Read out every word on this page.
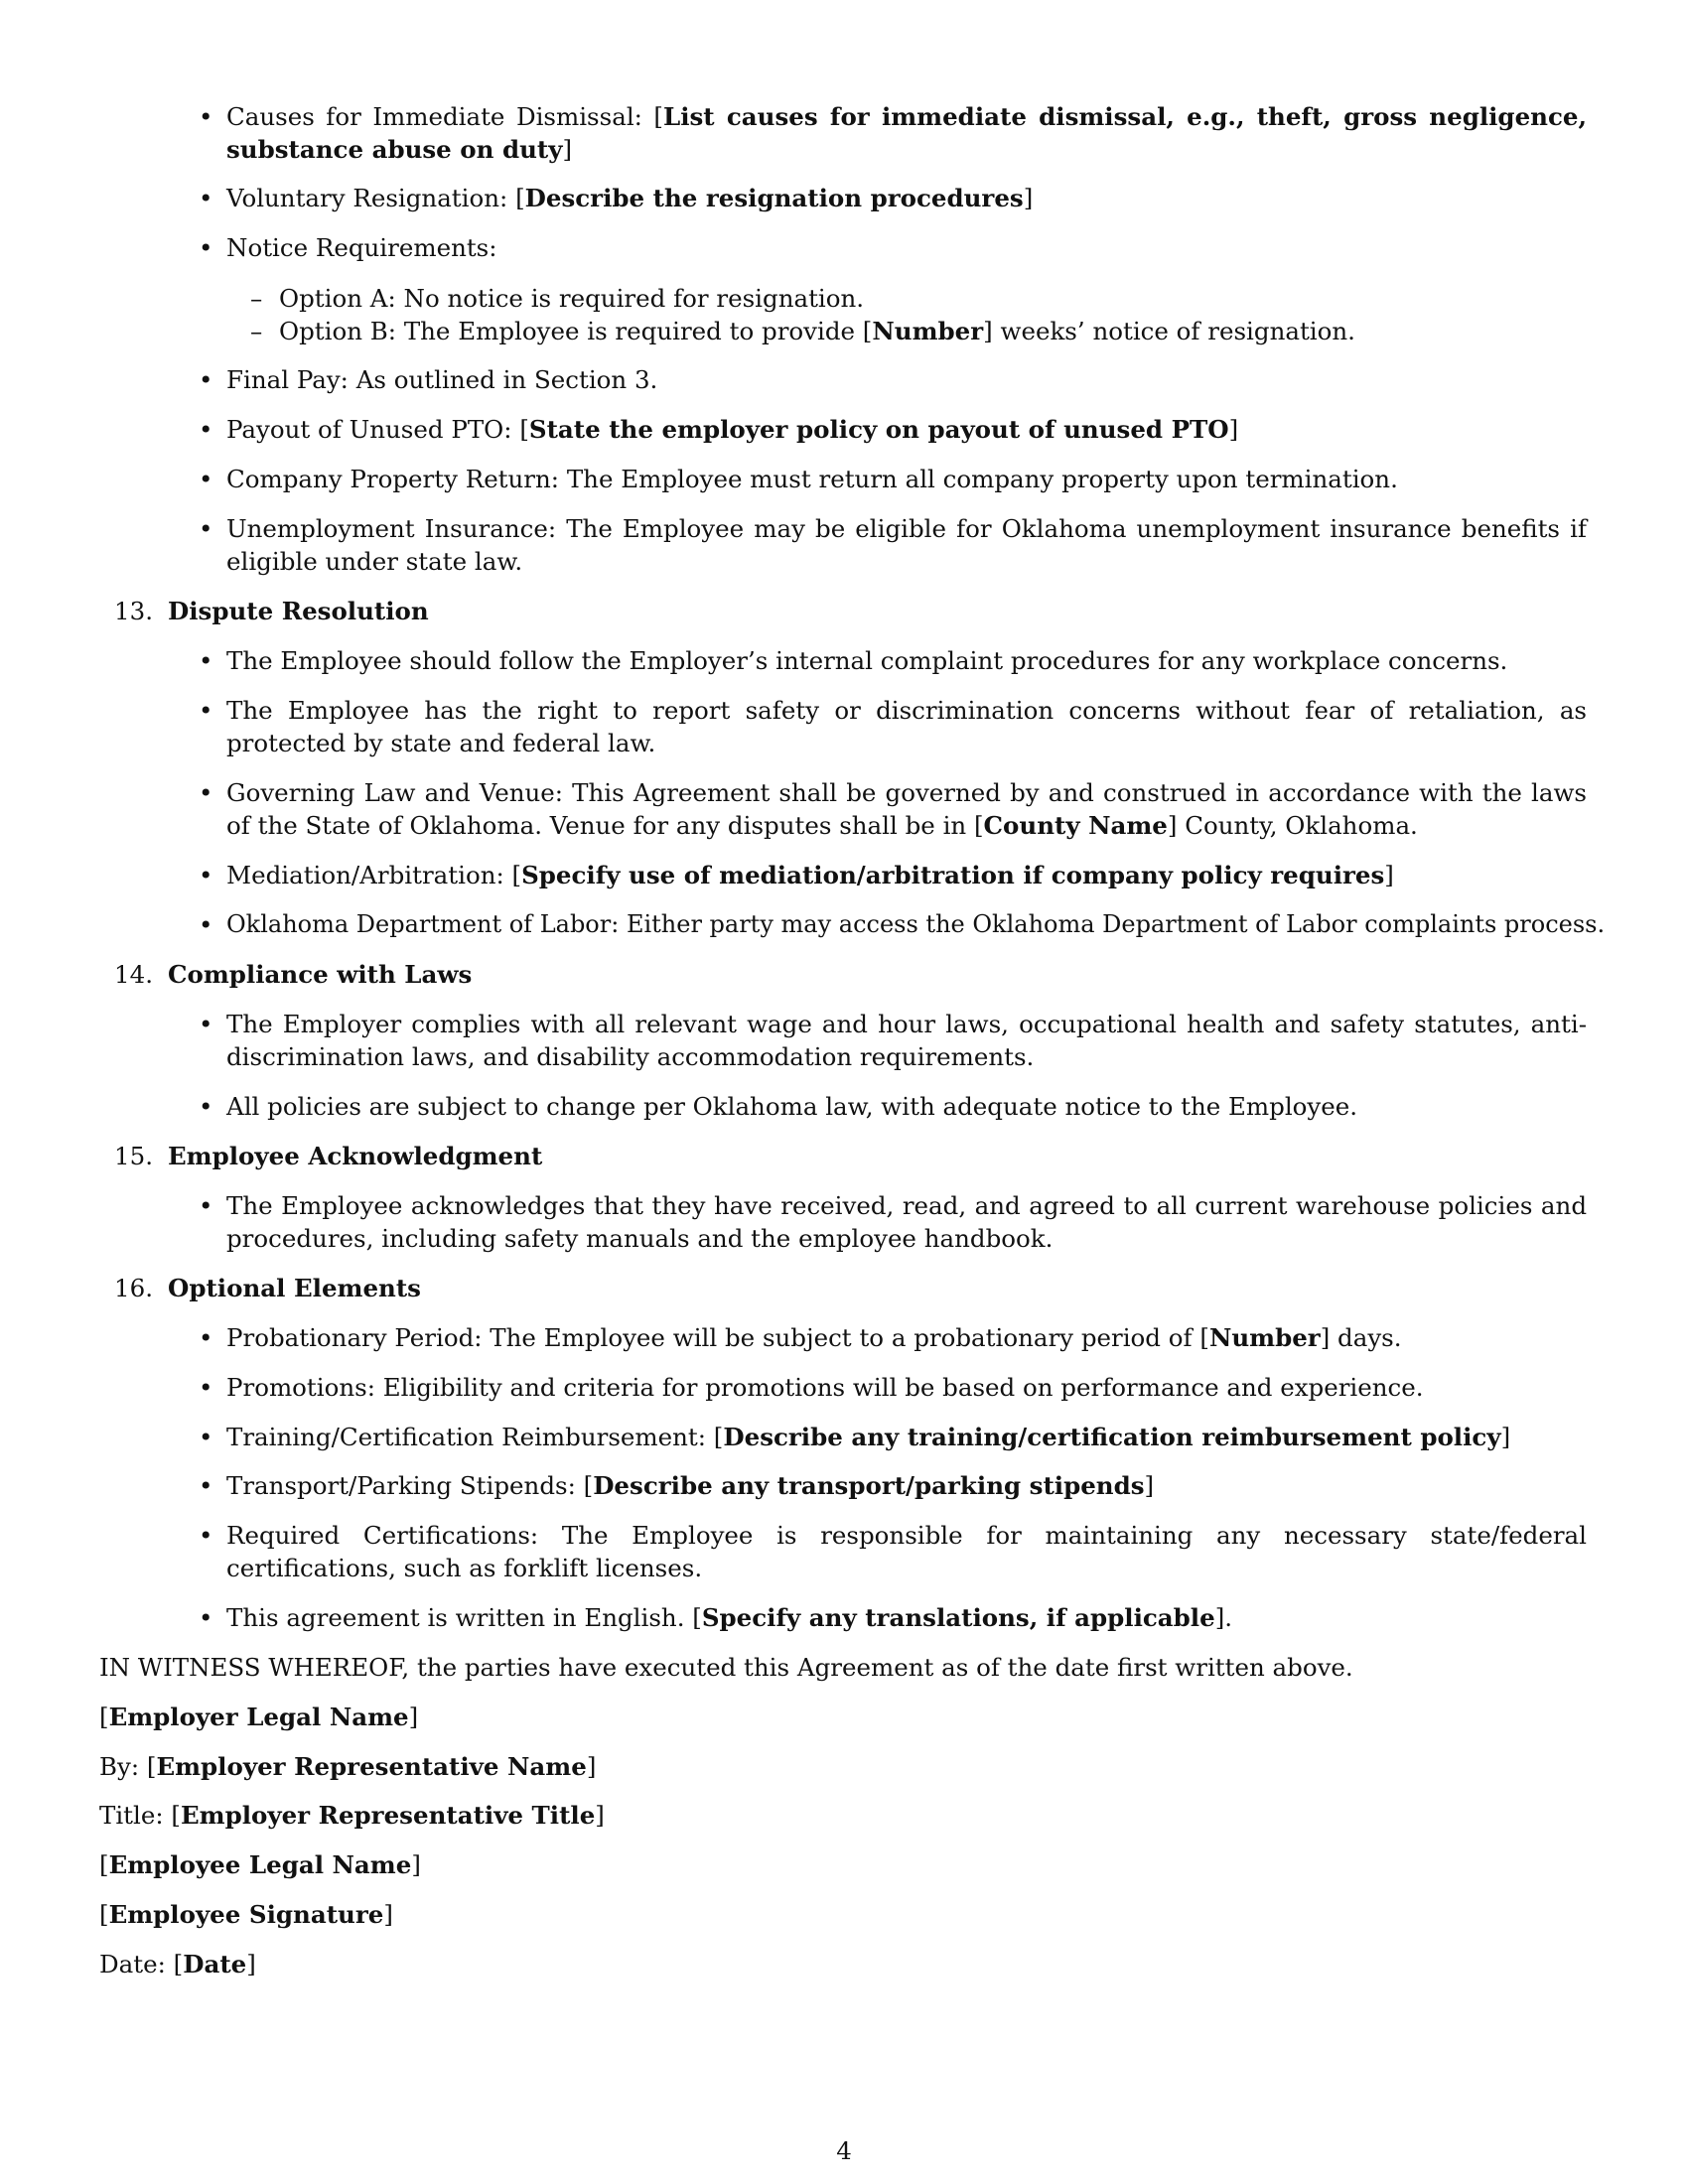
• Causes for Immediate Dismissal: [List causes for immediate dismissal, e.g., theft, gross negligence, substance abuse on duty]
• Voluntary Resignation: [Describe the resignation procedures]
• Notice Requirements:
– Option A: No notice is required for resignation.
– Option B: The Employee is required to provide [Number] weeks’ notice of resignation.
• Final Pay: As outlined in Section 3.
• Payout of Unused PTO: [State the employer policy on payout of unused PTO]
• Company Property Return: The Employee must return all company property upon termination.
• Unemployment Insurance: The Employee may be eligible for Oklahoma unemployment insurance benefits if eligible under state law.
13. Dispute Resolution
• The Employee should follow the Employer’s internal complaint procedures for any workplace concerns.
• The Employee has the right to report safety or discrimination concerns without fear of retaliation, as protected by state and federal law.
• Governing Law and Venue: This Agreement shall be governed by and construed in accordance with the laws of the State of Oklahoma. Venue for any disputes shall be in [County Name] County, Oklahoma.
• Mediation/Arbitration: [Specify use of mediation/arbitration if company policy requires]
• Oklahoma Department of Labor: Either party may access the Oklahoma Department of Labor complaints process.
14. Compliance with Laws
• The Employer complies with all relevant wage and hour laws, occupational health and safety statutes, anti-discrimination laws, and disability accommodation requirements.
• All policies are subject to change per Oklahoma law, with adequate notice to the Employee.
15. Employee Acknowledgment
• The Employee acknowledges that they have received, read, and agreed to all current warehouse policies and procedures, including safety manuals and the employee handbook.
16. Optional Elements
• Probationary Period: The Employee will be subject to a probationary period of [Number] days.
• Promotions: Eligibility and criteria for promotions will be based on performance and experience.
• Training/Certification Reimbursement: [Describe any training/certification reimbursement policy]
• Transport/Parking Stipends: [Describe any transport/parking stipends]
• Required Certifications: The Employee is responsible for maintaining any necessary state/federal certifications, such as forklift licenses.
• This agreement is written in English. [Specify any translations, if applicable].
IN WITNESS WHEREOF, the parties have executed this Agreement as of the date first written above.
[Employer Legal Name]
By: [Employer Representative Name]
Title: [Employer Representative Title]
[Employee Legal Name]
[Employee Signature]
Date: [Date]
4
